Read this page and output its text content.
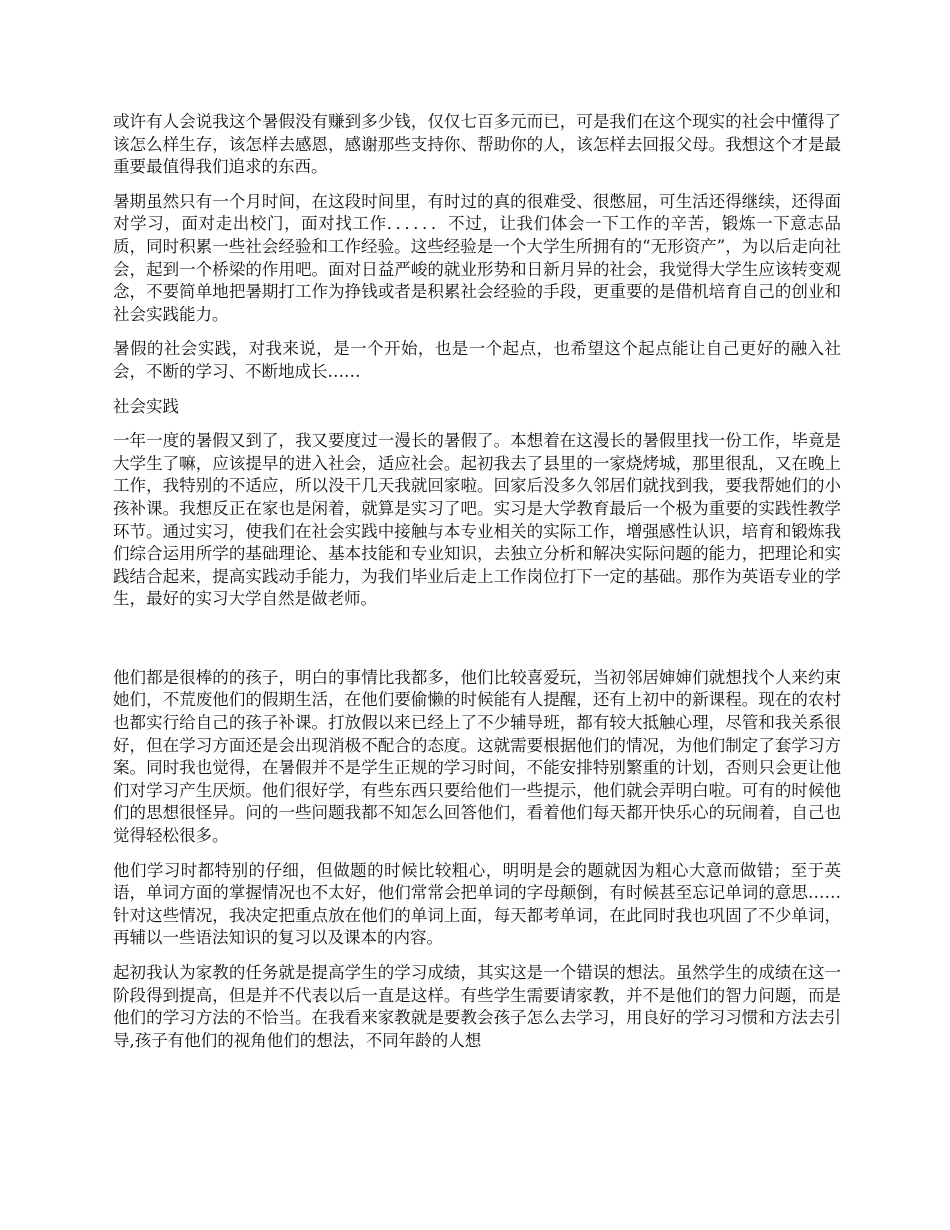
或许有人会说我这个暑假没有赚到多少钱，仅仅七百多元而已，可是我们在这个现实的社会中懂得了该怎么样生存，该怎样去感恩，感谢那些支持你、帮助你的人，该怎样去回报父母。我想这个才是最重要最值得我们追求的东西。

暑期虽然只有一个月时间，在这段时间里，有时过的真的很难受、很憋屈，可生活还得继续，还得面对学习，面对走出校门，面对找工作．．．．．．不过，让我们体会一下工作的辛苦，锻炼一下意志品质，同时积累一些社会经验和工作经验。这些经验是一个大学生所拥有的“无形资产”，为以后走向社会，起到一个桥梁的作用吧。面对日益严峻的就业形势和日新月异的社会，我觉得大学生应该转变观念，不要简单地把暑期打工作为挣钱或者是积累社会经验的手段，更重要的是借机培育自己的创业和社会实践能力。

暑假的社会实践，对我来说，是一个开始，也是一个起点，也希望这个起点能让自己更好的融入社会，不断的学习、不断地成长……

社会实践

一年一度的暑假又到了，我又要度过一漫长的暑假了。本想着在这漫长的暑假里找一份工作，毕竟是大学生了嘛，应该提早的进入社会，适应社会。起初我去了县里的一家烧烤城，那里很乱，又在晚上工作，我特别的不适应，所以没干几天我就回家啦。回家后没多久邻居们就找到我，要我帮她们的小孩补课。我想反正在家也是闲着，就算是实习了吧。实习是大学教育最后一个极为重要的实践性教学环节。通过实习，使我们在社会实践中接触与本专业相关的实际工作，增强感性认识，培育和锻炼我们综合运用所学的基础理论、基本技能和专业知识，去独立分析和解决实际问题的能力，把理论和实践结合起来，提高实践动手能力，为我们毕业后走上工作岗位打下一定的基础。那作为英语专业的学生，最好的实习大学自然是做老师。

他们都是很棒的的孩子，明白的事情比我都多，他们比较喜爱玩，当初邻居婶婶们就想找个人来约束她们，不荒废他们的假期生活，在他们要偷懒的时候能有人提醒，还有上初中的新课程。现在的农村也都实行给自己的孩子补课。打放假以来已经上了不少辅导班，都有较大抵触心理，尽管和我关系很好，但在学习方面还是会出现消极不配合的态度。这就需要根据他们的情况，为他们制定了套学习方案。同时我也觉得，在暑假并不是学生正规的学习时间，不能安排特别繁重的计划，否则只会更让他们对学习产生厌烦。他们很好学，有些东西只要给他们一些提示，他们就会弄明白啦。可有的时候他们的思想很怪异。问的一些问题我都不知怎么回答他们，看着他们每天都开快乐心的玩闹着，自己也觉得轻松很多。

他们学习时都特别的仔细，但做题的时候比较粗心，明明是会的题就因为粗心大意而做错；至于英语，单词方面的掌握情况也不太好，他们常常会把单词的字母颠倒，有时候甚至忘记单词的意思……针对这些情况，我决定把重点放在他们的单词上面，每天都考单词，在此同时我也巩固了不少单词，再辅以一些语法知识的复习以及课本的内容。

起初我认为家教的任务就是提高学生的学习成绩，其实这是一个错误的想法。虽然学生的成绩在这一阶段得到提高，但是并不代表以后一直是这样。有些学生需要请家教，并不是他们的智力问题，而是他们的学习方法的不恰当。在我看来家教就是要教会孩子怎么去学习，用良好的学习习惯和方法去引导,孩子有他们的视角他们的想法，不同年龄的人想
